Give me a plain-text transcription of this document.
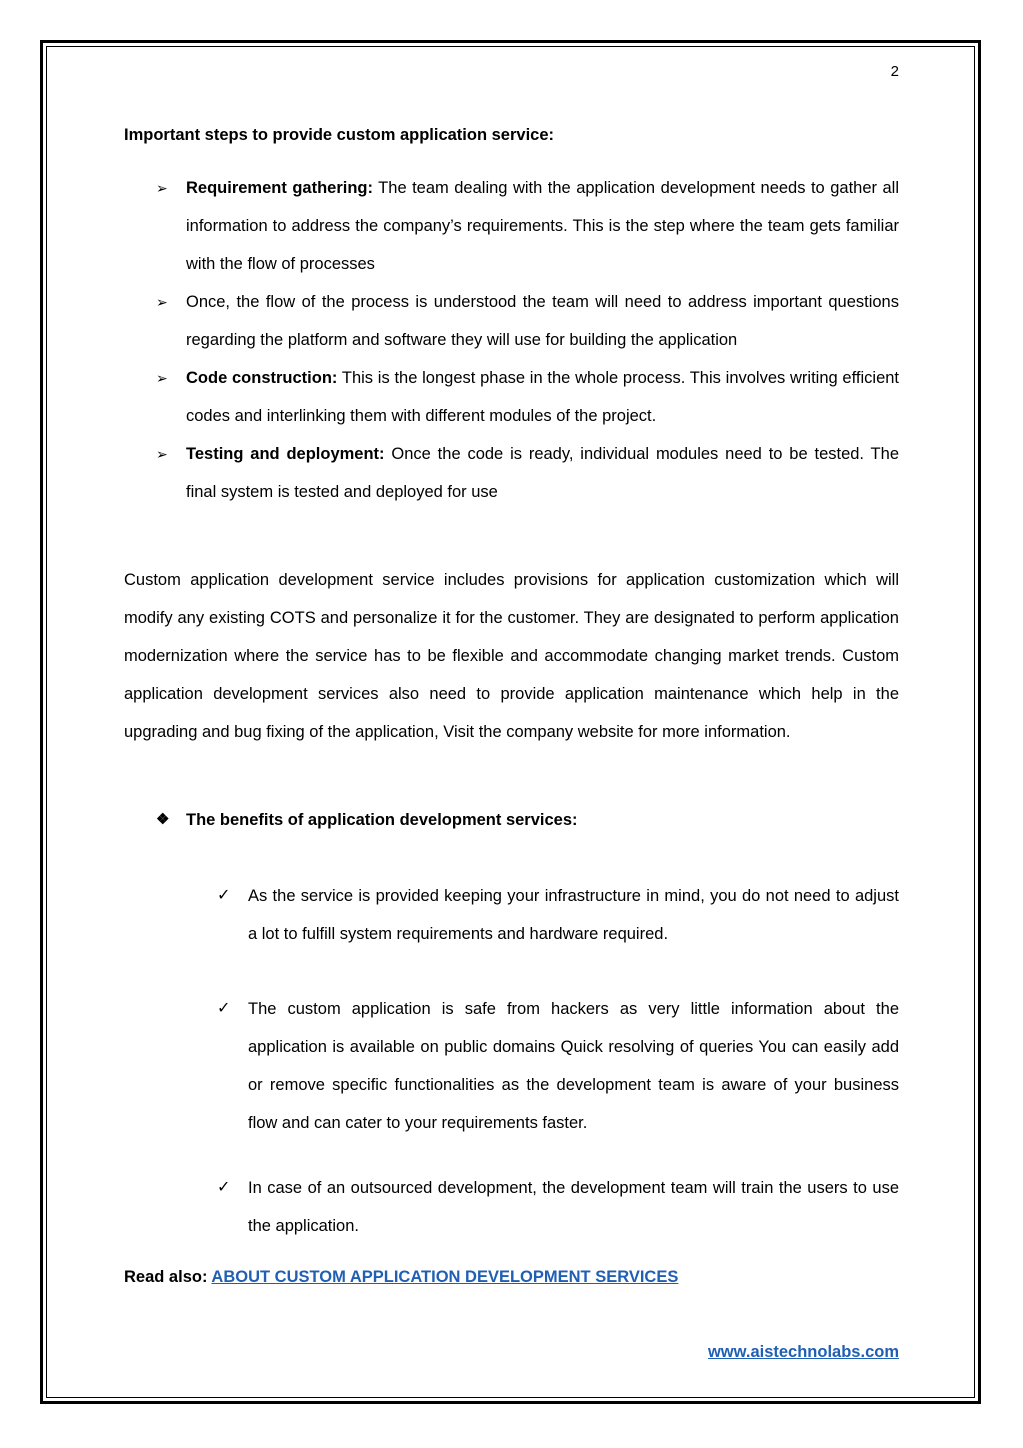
2
Important steps to provide custom application service:
➢ Requirement gathering: The team dealing with the application development needs to gather all information to address the company’s requirements. This is the step where the team gets familiar with the flow of processes

➢ Once, the flow of the process is understood the team will need to address important questions regarding the platform and software they will use for building the application

➢ Code construction: This is the longest phase in the whole process. This involves writing efficient codes and interlinking them with different modules of the project.

➢ Testing and deployment: Once the code is ready, individual modules need to be tested. The final system is tested and deployed for use

Custom application development service includes provisions for application customization which will modify any existing COTS and personalize it for the customer. They are designated to perform application modernization where the service has to be flexible and accommodate changing market trends. Custom application development services also need to provide application maintenance which help in the upgrading and bug fixing of the application, Visit the company website for more information.

❖ The benefits of application development services:
✓ As the service is provided keeping your infrastructure in mind, you do not need to adjust a lot to fulfill system requirements and hardware required.

✓ The custom application is safe from hackers as very little information about the application is available on public domains Quick resolving of queries You can easily add or remove specific functionalities as the development team is aware of your business flow and can cater to your requirements faster.

✓ In case of an outsourced development, the development team will train the users to use the application.

Read also: ABOUT CUSTOM APPLICATION DEVELOPMENT SERVICES
www.aistechnolabs.com
